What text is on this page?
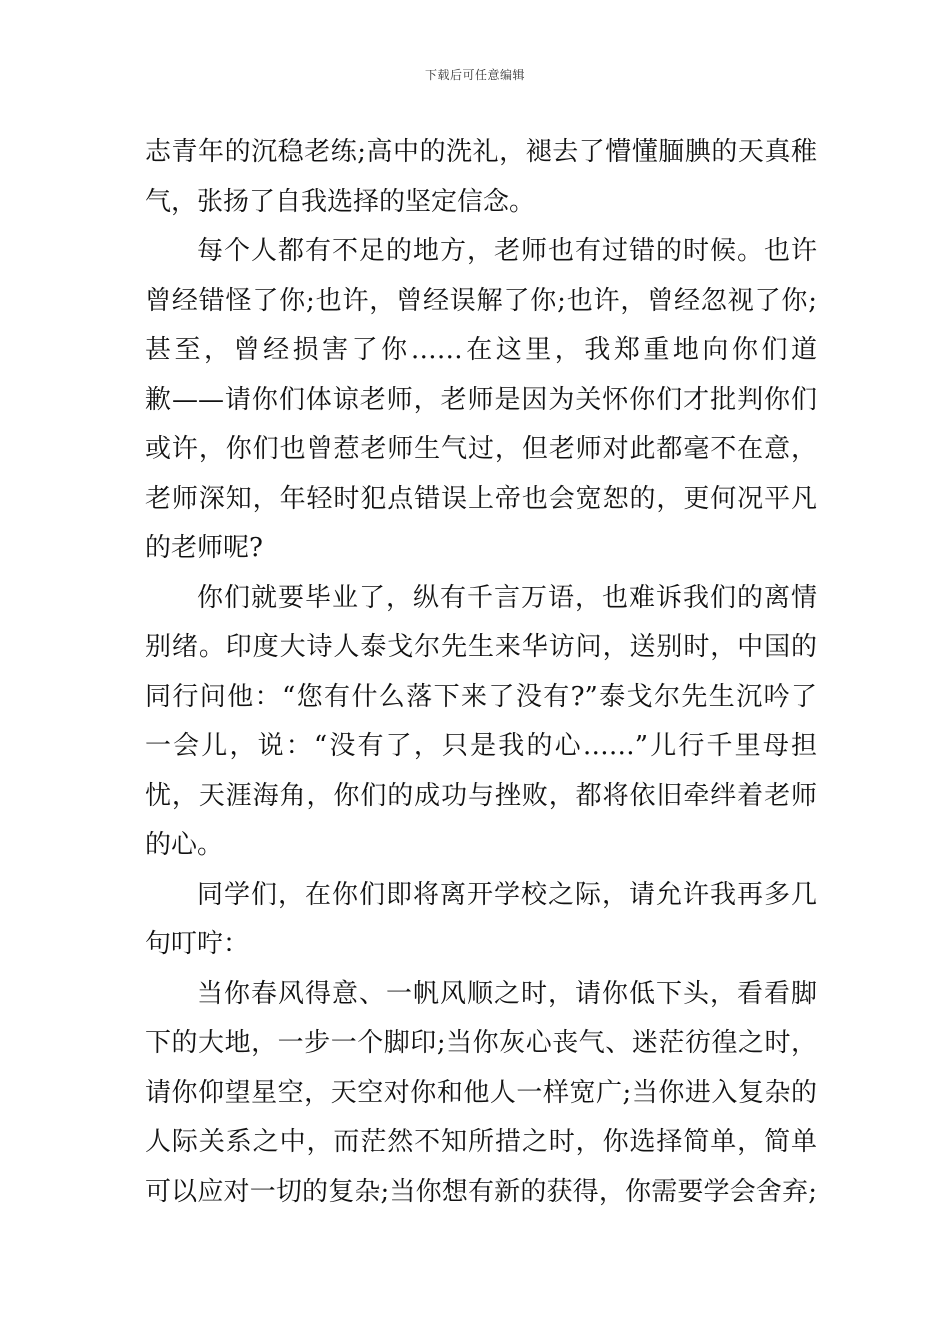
下载后可任意编辑
志青年的沉稳老练;高中的洗礼，褪去了懵懂腼腆的天真稚
气，张扬了自我选择的坚定信念。
每个人都有不足的地方，老师也有过错的时候。也许
曾经错怪了你;也许，曾经误解了你;也许，曾经忽视了你;
甚至，曾经损害了你……在这里，我郑重地向你们道
歉——请你们体谅老师，老师是因为关怀你们才批判你们
或许，你们也曾惹老师生气过，但老师对此都毫不在意，
老师深知，年轻时犯点错误上帝也会宽恕的，更何况平凡
的老师呢?
你们就要毕业了，纵有千言万语，也难诉我们的离情
别绪。印度大诗人泰戈尔先生来华访问，送别时，中国的
同行问他：“您有什么落下来了没有?”泰戈尔先生沉吟了
一会儿，说：“没有了，只是我的心……”儿行千里母担
忧，天涯海角，你们的成功与挫败，都将依旧牵绊着老师
的心。
同学们，在你们即将离开学校之际，请允许我再多几
句叮咛：
当你春风得意、一帆风顺之时，请你低下头，看看脚
下的大地，一步一个脚印;当你灰心丧气、迷茫彷徨之时，
请你仰望星空，天空对你和他人一样宽广;当你进入复杂的
人际关系之中，而茫然不知所措之时，你选择简单，简单
可以应对一切的复杂;当你想有新的获得，你需要学会舍弃;
